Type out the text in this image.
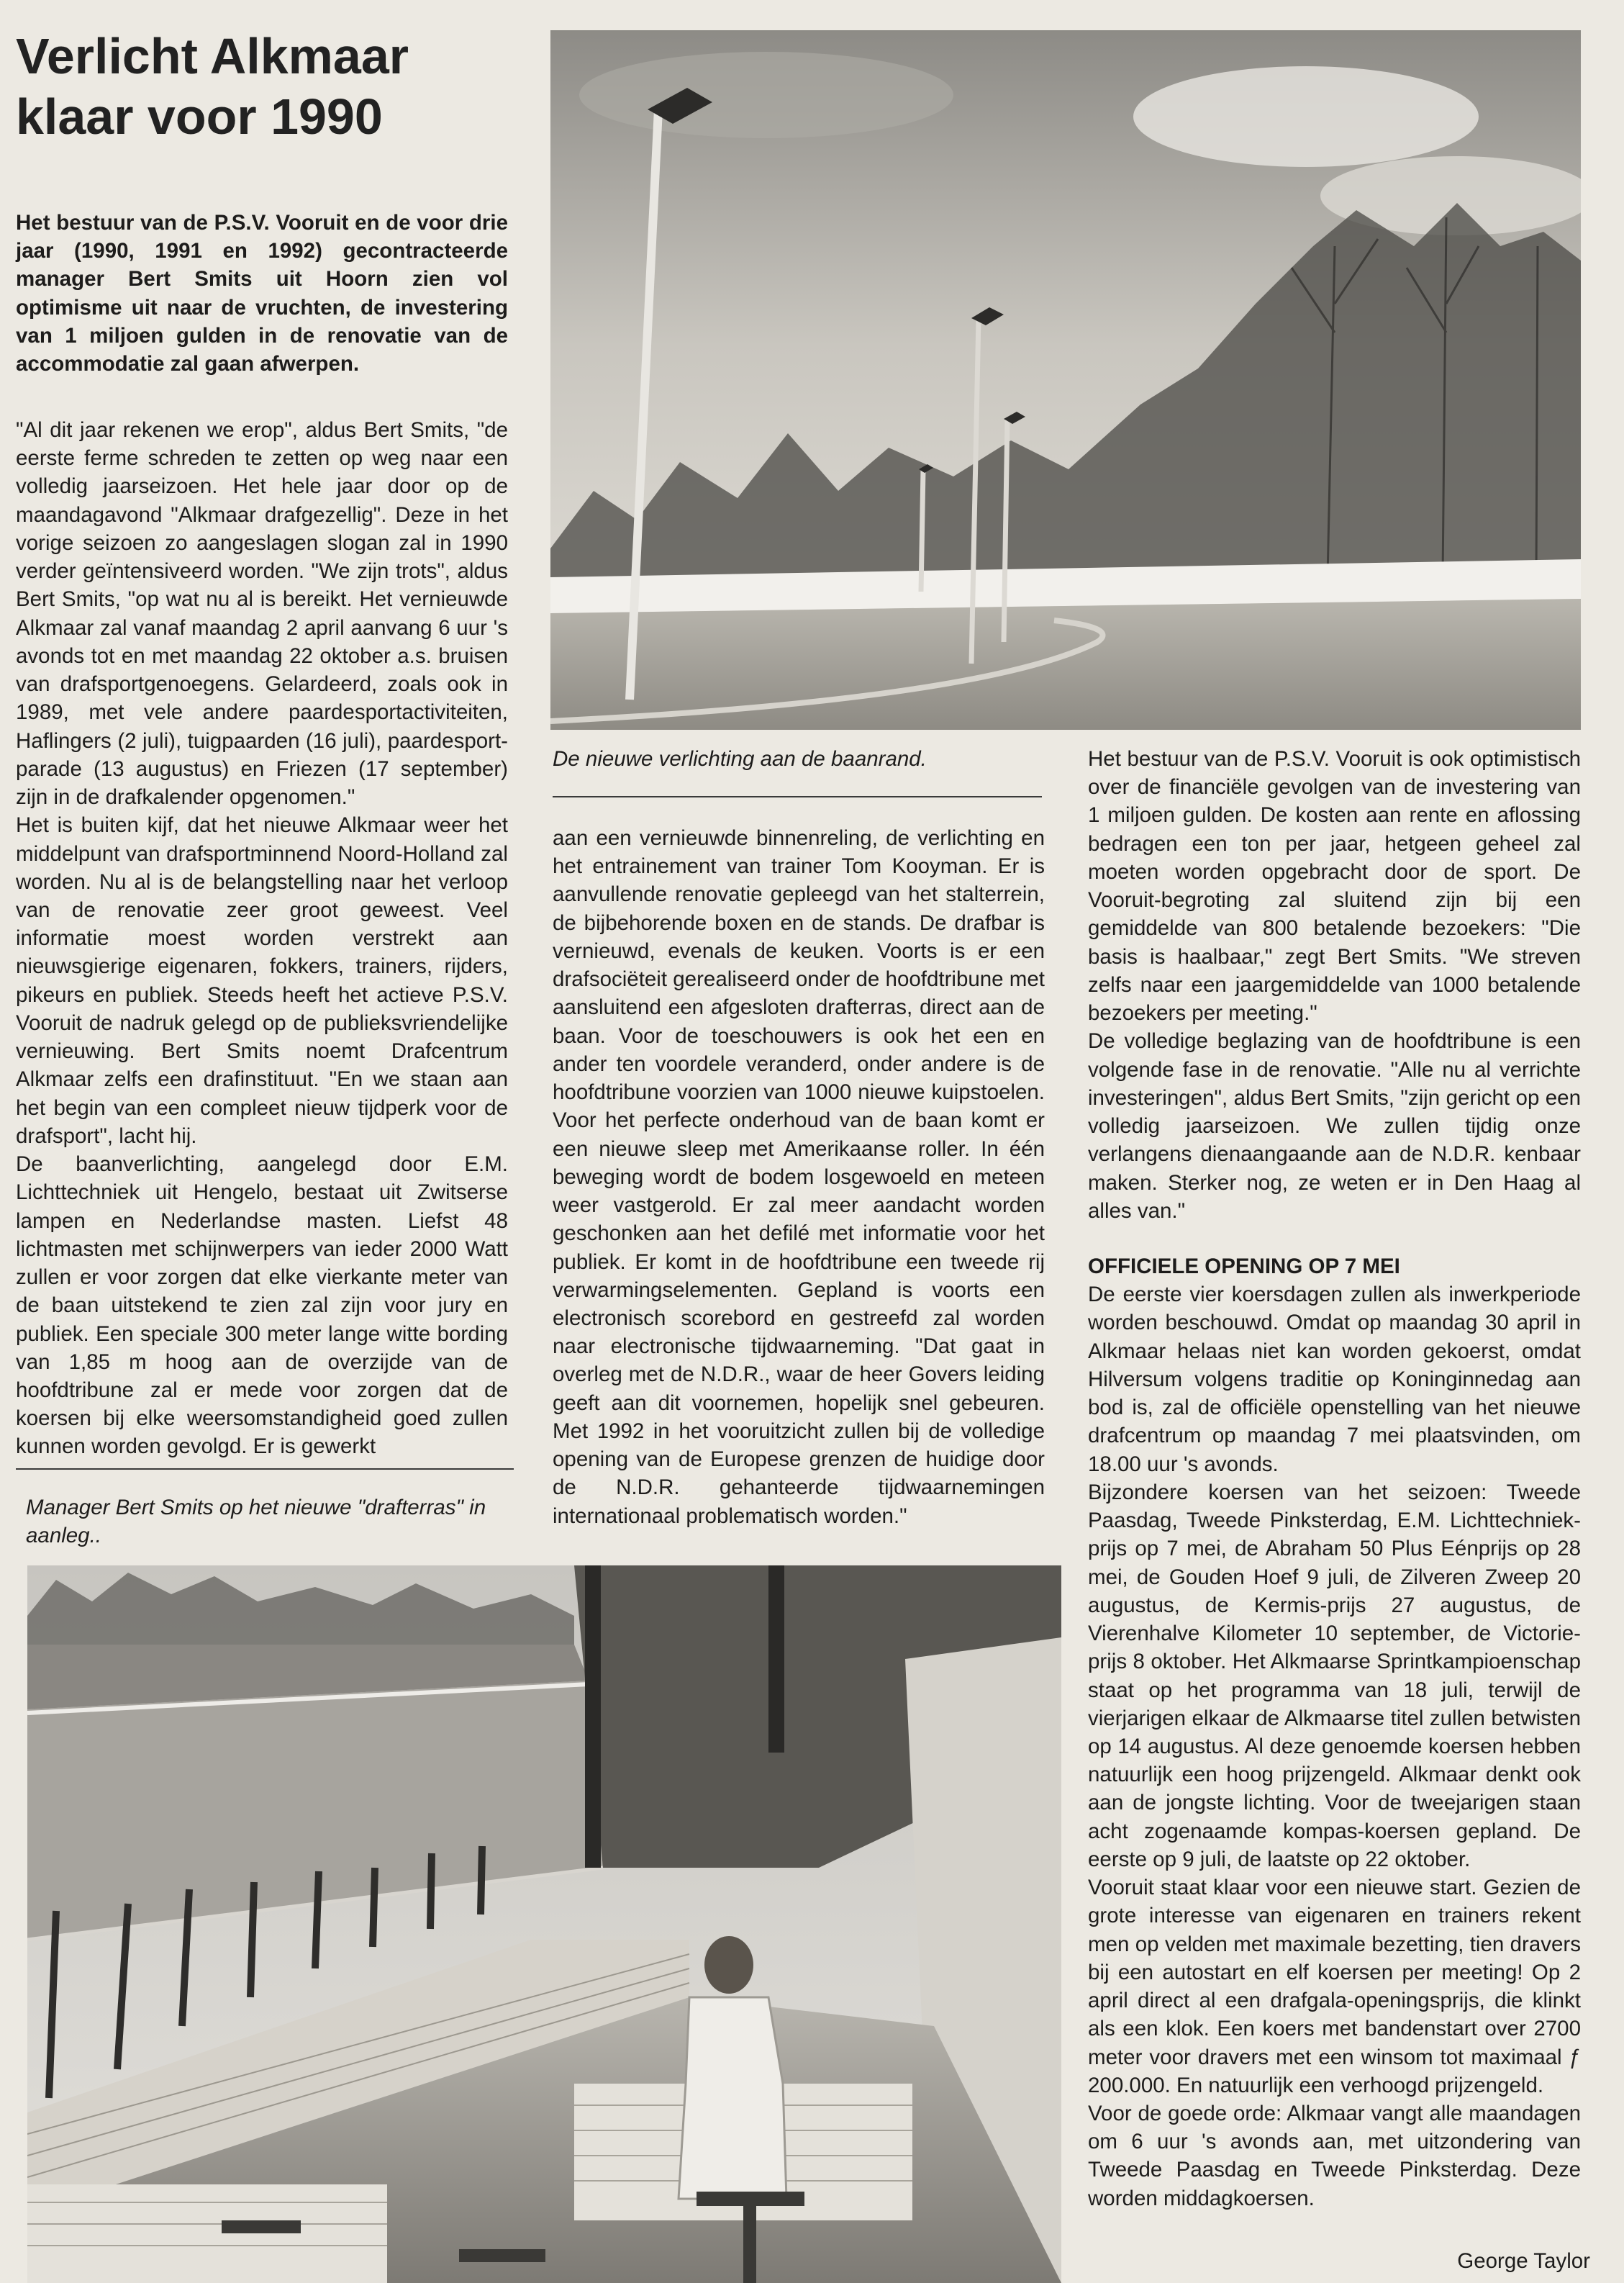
Verlicht Alkmaar
klaar voor 1990
Het bestuur van de P.S.V. Vooruit en de voor drie jaar (1990, 1991 en 1992) gecontracteerde manager Bert Smits uit Hoorn zien vol optimisme uit naar de vruchten, de investering van 1 miljoen gulden in de renovatie van de accommodatie zal gaan afwerpen.

"Al dit jaar rekenen we erop", aldus Bert Smits, "de eerste ferme schreden te zetten op weg naar een volledig jaarseizoen. Het hele jaar door op de maandagavond "Alkmaar drafgezellig". Deze in het vorige seizoen zo aangeslagen slogan zal in 1990 verder geïntensiveerd worden. "We zijn trots", aldus Bert Smits, "op wat nu al is bereikt. Het vernieuwde Alkmaar zal vanaf maandag 2 april aanvang 6 uur 's avonds tot en met maandag 22 oktober a.s. bruisen van drafsportgenoegens. Gelardeerd, zoals ook in 1989, met vele andere paardesportactiviteiten, Haflingers (2 juli), tuigpaarden (16 juli), paardesport-parade (13 augustus) en Friezen (17 september) zijn in de drafkalender opgenomen."

Het is buiten kijf, dat het nieuwe Alkmaar weer het middelpunt van drafsportminnend Noord-Holland zal worden. Nu al is de belangstelling naar het verloop van de renovatie zeer groot geweest. Veel informatie moest worden verstrekt aan nieuwsgierige eigenaren, fokkers, trainers, rijders, pikeurs en publiek. Steeds heeft het actieve P.S.V. Vooruit de nadruk gelegd op de publieksvriendelijke vernieuwing. Bert Smits noemt Drafcentrum Alkmaar zelfs een drafinstituut. "En we staan aan het begin van een compleet nieuw tijdperk voor de drafsport", lacht hij.

De baanverlichting, aangelegd door E.M. Lichttechniek uit Hengelo, bestaat uit Zwitserse lampen en Nederlandse masten. Liefst 48 lichtmasten met schijnwerpers van ieder 2000 Watt zullen er voor zorgen dat elke vierkante meter van de baan uitstekend te zien zal zijn voor jury en publiek. Een speciale 300 meter lange witte bording van 1,85 m hoog aan de overzijde van de hoofdtribune zal er mede voor zorgen dat de koersen bij elke weersomstandigheid goed zullen kunnen worden gevolgd. Er is gewerkt

Manager Bert Smits op het nieuwe "drafterras" in aanleg..
De nieuwe verlichting aan de baanrand.

aan een vernieuwde binnenreling, de verlichting en het entrainement van trainer Tom Kooyman. Er is aanvullende renovatie gepleegd van het stalterrein, de bijbehorende boxen en de stands. De drafbar is vernieuwd, evenals de keuken. Voorts is er een drafsociëteit gerealiseerd onder de hoofdtribune met aansluitend een afgesloten drafterras, direct aan de baan. Voor de toeschouwers is ook het een en ander ten voordele veranderd, onder andere is de hoofdtribune voorzien van 1000 nieuwe kuipstoelen. Voor het perfecte onderhoud van de baan komt er een nieuwe sleep met Amerikaanse roller. In één beweging wordt de bodem losgewoeld en meteen weer vastgerold. Er zal meer aandacht worden geschonken aan het defilé met informatie voor het publiek. Er komt in de hoofdtribune een tweede rij verwarmingselementen. Gepland is voorts een electronisch scorebord en gestreefd zal worden naar electronische tijdwaarneming. "Dat gaat in overleg met de N.D.R., waar de heer Govers leiding geeft aan dit voornemen, hopelijk snel gebeuren. Met 1992 in het vooruitzicht zullen bij de volledige opening van de Europese grenzen de huidige door de N.D.R. gehanteerde tijdwaarnemingen internationaal problematisch worden."

Het bestuur van de P.S.V. Vooruit is ook optimistisch over de financiële gevolgen van de investering van 1 miljoen gulden. De kosten aan rente en aflossing bedragen een ton per jaar, hetgeen geheel zal moeten worden opgebracht door de sport. De Vooruit-begroting zal sluitend zijn bij een gemiddelde van 800 betalende bezoekers: "Die basis is haalbaar," zegt Bert Smits. "We streven zelfs naar een jaargemiddelde van 1000 betalende bezoekers per meeting."

De volledige beglazing van de hoofdtribune is een volgende fase in de renovatie. "Alle nu al verrichte investeringen", aldus Bert Smits, "zijn gericht op een volledig jaarseizoen. We zullen tijdig onze verlangens dienaangaande aan de N.D.R. kenbaar maken. Sterker nog, ze weten er in Den Haag al alles van."

OFFICIELE OPENING OP 7 MEI

De eerste vier koersdagen zullen als inwerkperiode worden beschouwd. Omdat op maandag 30 april in Alkmaar helaas niet kan worden gekoerst, omdat Hilversum volgens traditie op Koninginnedag aan bod is, zal de officiële openstelling van het nieuwe drafcentrum op maandag 7 mei plaatsvinden, om 18.00 uur 's avonds.

Bijzondere koersen van het seizoen: Tweede Paasdag, Tweede Pinksterdag, E.M. Lichttechniek-prijs op 7 mei, de Abraham 50 Plus Eénprijs op 28 mei, de Gouden Hoef 9 juli, de Zilveren Zweep 20 augustus, de Kermis-prijs 27 augustus, de Vierenhalve Kilometer 10 september, de Victorie-prijs 8 oktober. Het Alkmaarse Sprintkampioenschap staat op het programma van 18 juli, terwijl de vierjarigen elkaar de Alkmaarse titel zullen betwisten op 14 augustus. Al deze genoemde koersen hebben natuurlijk een hoog prijzengeld. Alkmaar denkt ook aan de jongste lichting. Voor de tweejarigen staan acht zogenaamde kompas-koersen gepland. De eerste op 9 juli, de laatste op 22 oktober.

Vooruit staat klaar voor een nieuwe start. Gezien de grote interesse van eigenaren en trainers rekent men op velden met maximale bezetting, tien dravers bij een autostart en elf koersen per meeting! Op 2 april direct al een drafgala-openingsprijs, die klinkt als een klok. Een koers met bandenstart over 2700 meter voor dravers met een winsom tot maximaal ƒ 200.000. En natuurlijk een verhoogd prijzengeld.

Voor de goede orde: Alkmaar vangt alle maandagen om 6 uur 's avonds aan, met uitzondering van Tweede Paasdag en Tweede Pinksterdag. Deze worden middagkoersen.

George Taylor
